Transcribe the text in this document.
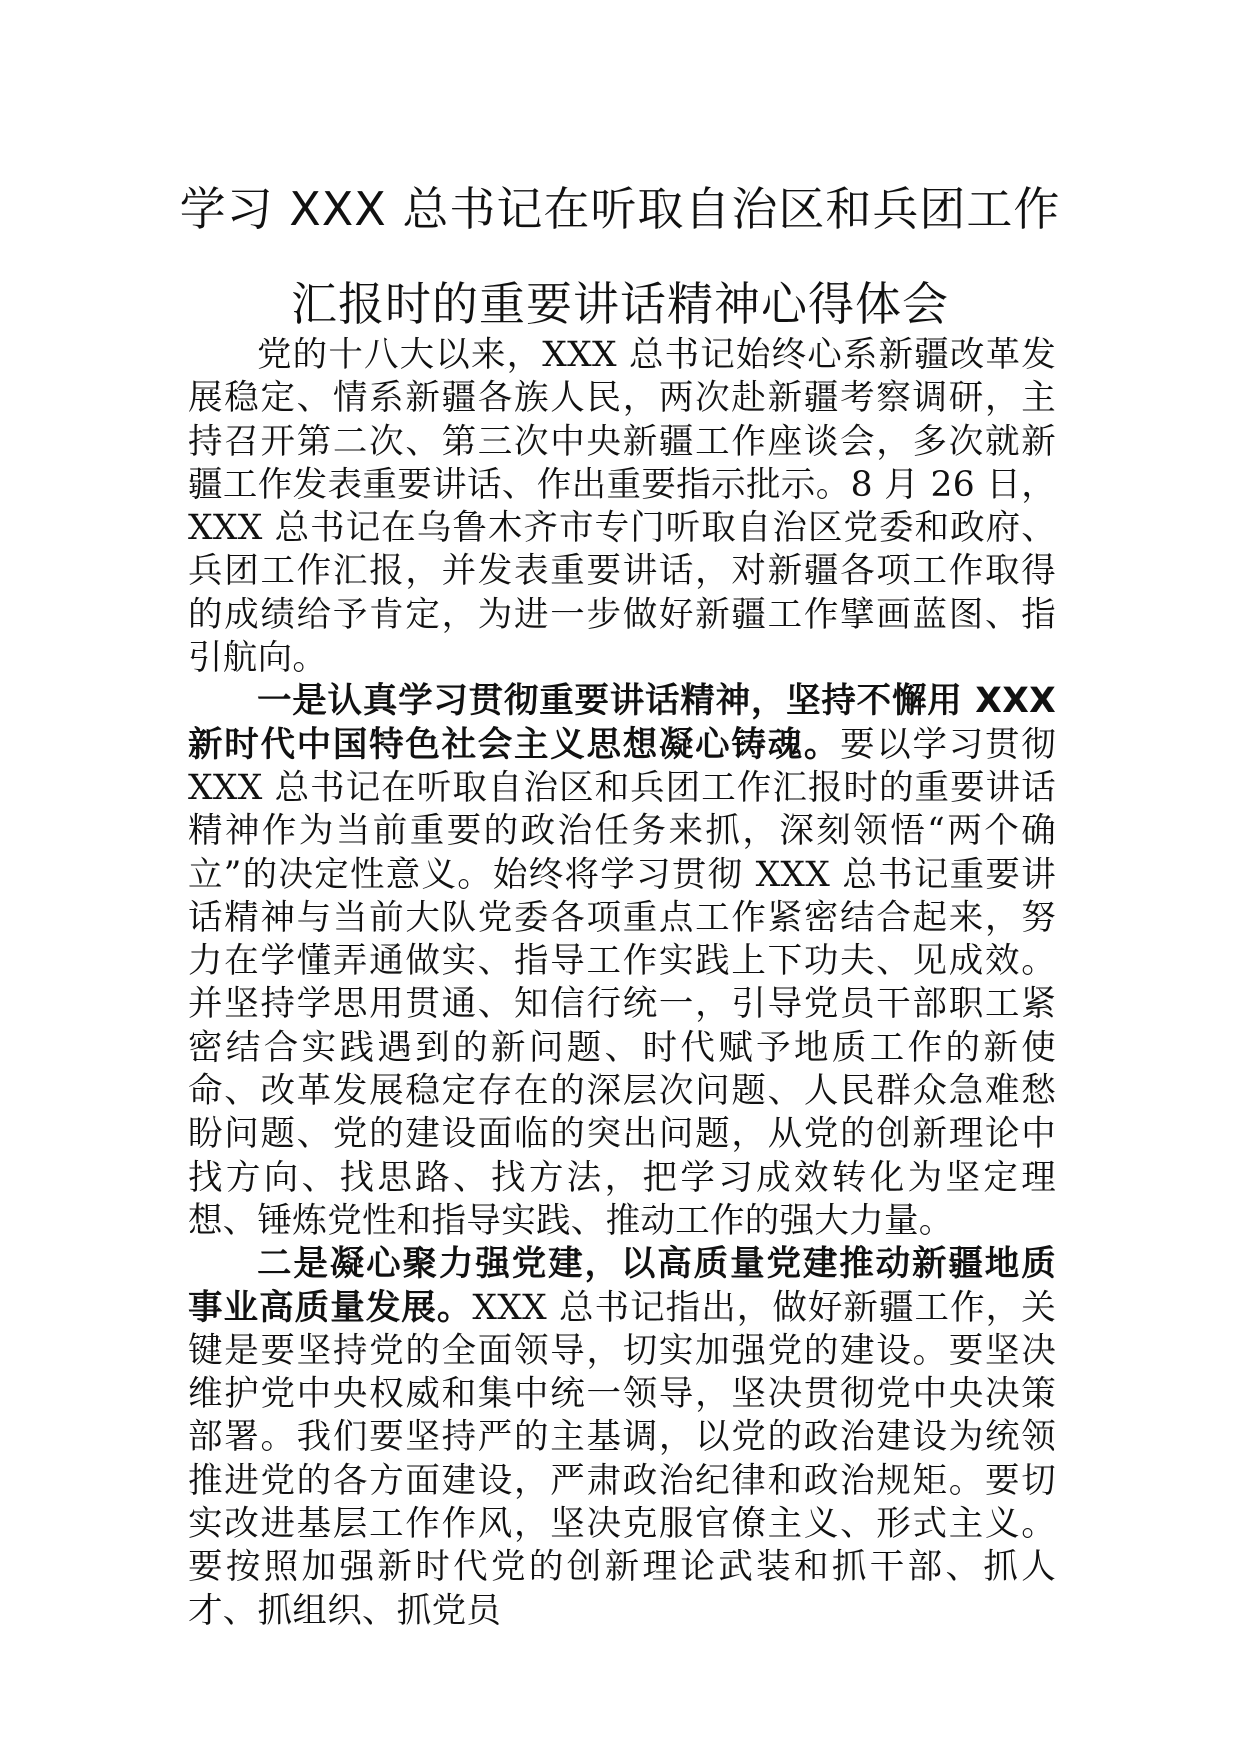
学习 XXX 总书记在听取自治区和兵团工作
汇报时的重要讲话精神心得体会

党的十八大以来，XXX 总书记始终心系新疆改革发展稳定、情系新疆各族人民，两次赴新疆考察调研，主持召开第二次、第三次中央新疆工作座谈会，多次就新疆工作发表重要讲话、作出重要指示批示。8 月 26 日，XXX 总书记在乌鲁木齐市专门听取自治区党委和政府、兵团工作汇报，并发表重要讲话，对新疆各项工作取得的成绩给予肯定，为进一步做好新疆工作擘画蓝图、指引航向。

一是认真学习贯彻重要讲话精神，坚持不懈用 XXX 新时代中国特色社会主义思想凝心铸魂。要以学习贯彻 XXX 总书记在听取自治区和兵团工作汇报时的重要讲话精神作为当前重要的政治任务来抓，深刻领悟“两个确立”的决定性意义。始终将学习贯彻 XXX 总书记重要讲话精神与当前大队党委各项重点工作紧密结合起来，努力在学懂弄通做实、指导工作实践上下功夫、见成效。并坚持学思用贯通、知信行统一，引导党员干部职工紧密结合实践遇到的新问题、时代赋予地质工作的新使命、改革发展稳定存在的深层次问题、人民群众急难愁盼问题、党的建设面临的突出问题，从党的创新理论中找方向、找思路、找方法，把学习成效转化为坚定理想、锤炼党性和指导实践、推动工作的强大力量。

二是凝心聚力强党建，以高质量党建推动新疆地质事业高质量发展。XXX 总书记指出，做好新疆工作，关键是要坚持党的全面领导，切实加强党的建设。要坚决维护党中央权威和集中统一领导，坚决贯彻党中央决策部署。我们要坚持严的主基调，以党的政治建设为统领推进党的各方面建设，严肃政治纪律和政治规矩。要切实改进基层工作作风，坚决克服官僚主义、形式主义。要按照加强新时代党的创新理论武装和抓干部、抓人才、抓组织、抓党员
